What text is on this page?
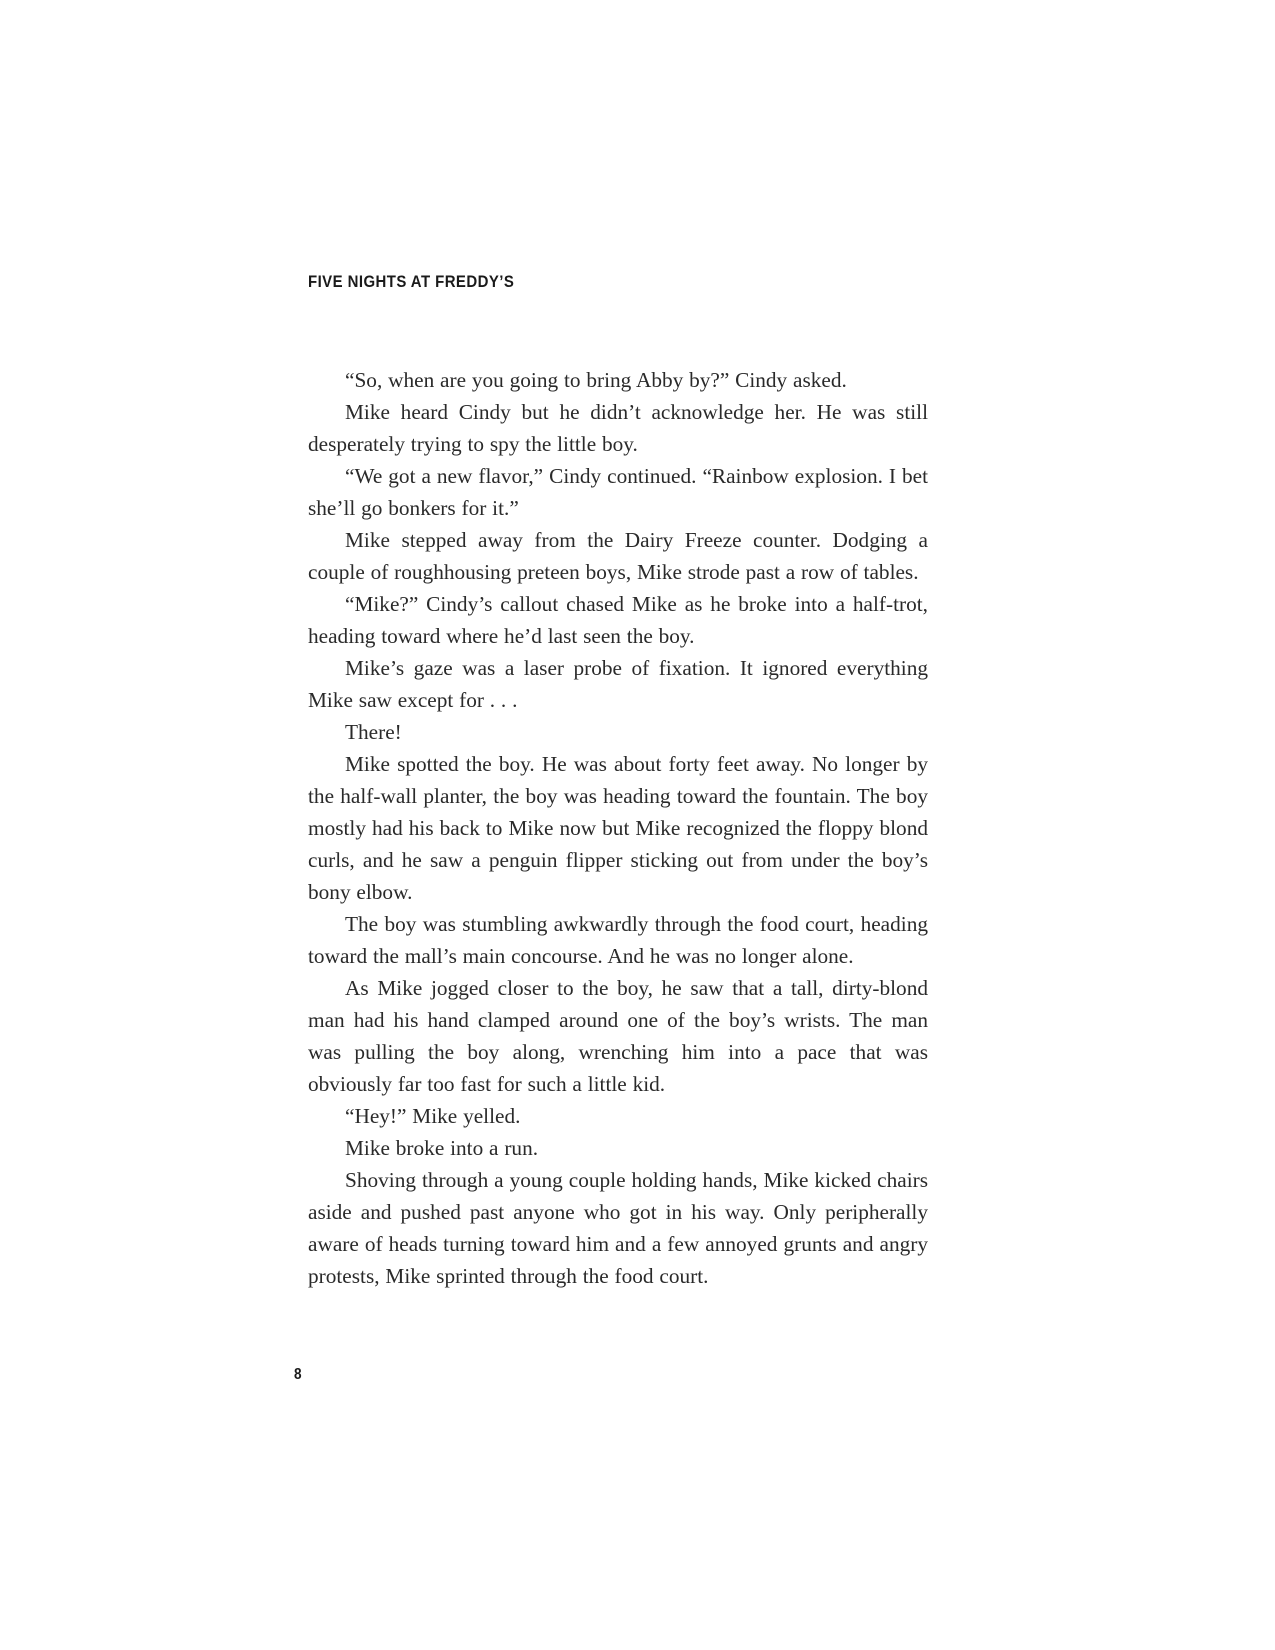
FIVE NIGHTS AT FREDDY’S

“So, when are you going to bring Abby by?” Cindy asked.

Mike heard Cindy but he didn’t acknowledge her. He was still desperately trying to spy the little boy.

“We got a new flavor,” Cindy continued. “Rainbow explosion. I bet she’ll go bonkers for it.”

Mike stepped away from the Dairy Freeze counter. Dodging a couple of roughhousing preteen boys, Mike strode past a row of tables.

“Mike?” Cindy’s callout chased Mike as he broke into a half-trot, heading toward where he’d last seen the boy.

Mike’s gaze was a laser probe of fixation. It ignored everything Mike saw except for . . .

There!

Mike spotted the boy. He was about forty feet away. No longer by the half-wall planter, the boy was heading toward the fountain. The boy mostly had his back to Mike now but Mike recognized the floppy blond curls, and he saw a penguin flipper sticking out from under the boy’s bony elbow.

The boy was stumbling awkwardly through the food court, heading toward the mall’s main concourse. And he was no longer alone.

As Mike jogged closer to the boy, he saw that a tall, dirty-blond man had his hand clamped around one of the boy’s wrists. The man was pulling the boy along, wrenching him into a pace that was obviously far too fast for such a little kid.

“Hey!” Mike yelled.

Mike broke into a run.

Shoving through a young couple holding hands, Mike kicked chairs aside and pushed past anyone who got in his way. Only peripherally aware of heads turning toward him and a few annoyed grunts and angry protests, Mike sprinted through the food court.

8
